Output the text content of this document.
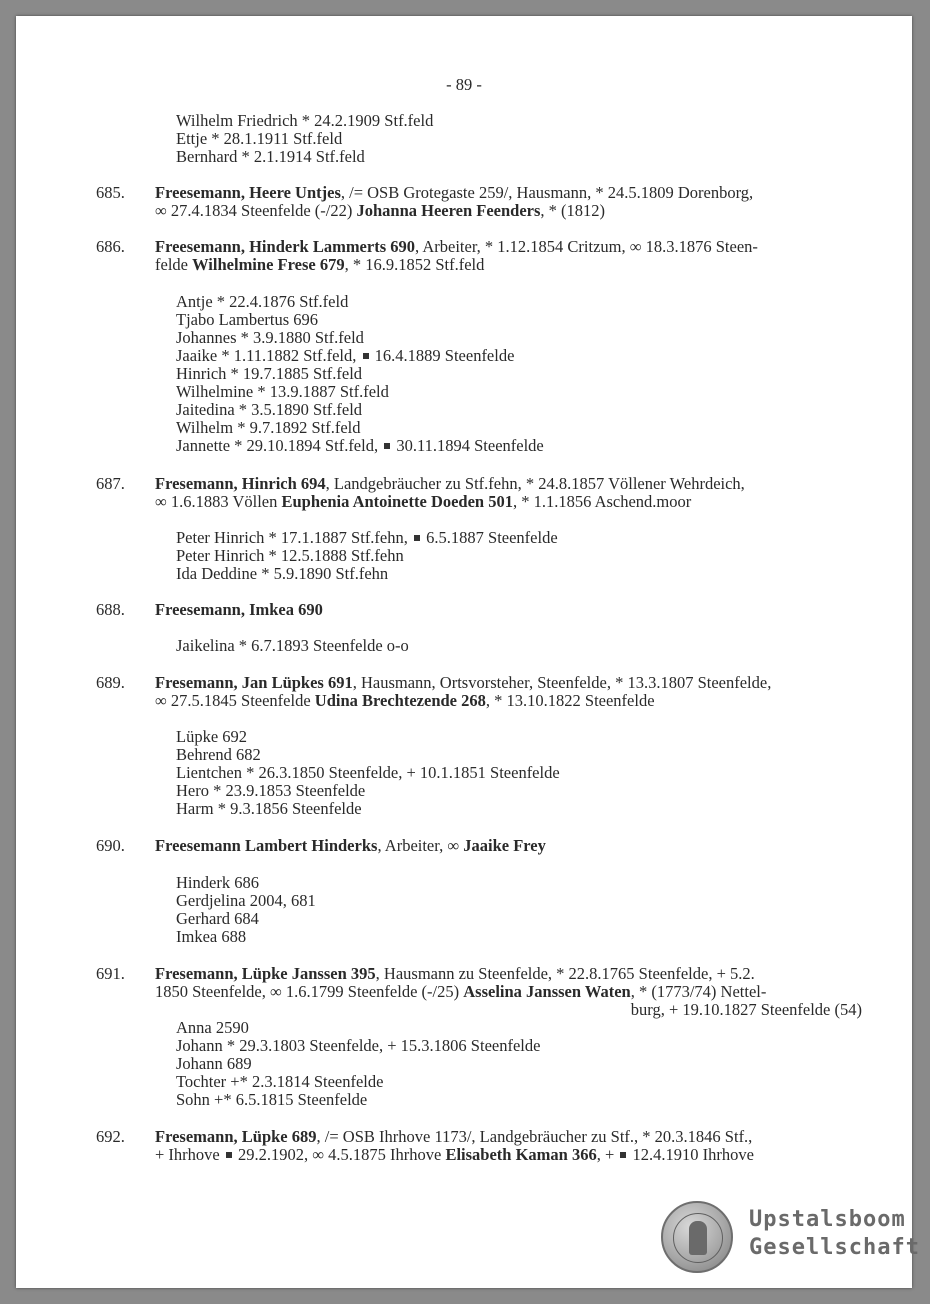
- 89 -
Wilhelm Friedrich * 24.2.1909 Stf.feld
Ettje * 28.1.1911 Stf.feld
Bernhard * 2.1.1914 Stf.feld
685. Freesemann, Heere Untjes, /= OSB Grotegaste 259/, Hausmann, * 24.5.1809 Dorenborg,
∞ 27.4.1834 Steenfelde (-/22) Johanna Heeren Feenders, * (1812)
686. Freesemann, Hinderk Lammerts 690, Arbeiter, * 1.12.1854 Critzum, ∞ 18.3.1876 Steen-
felde Wilhelmine Frese 679, * 16.9.1852 Stf.feld
Antje * 22.4.1876 Stf.feld
Tjabo Lambertus 696
Johannes * 3.9.1880 Stf.feld
Jaaike * 1.11.1882 Stf.feld, 16.4.1889 Steenfelde
Hinrich * 19.7.1885 Stf.feld
Wilhelmine * 13.9.1887 Stf.feld
Jaitedina * 3.5.1890 Stf.feld
Wilhelm * 9.7.1892 Stf.feld
Jannette * 29.10.1894 Stf.feld, 30.11.1894 Steenfelde
687. Fresemann, Hinrich 694, Landgebräucher zu Stf.fehn, * 24.8.1857 Völlener Wehrdeich,
∞ 1.6.1883 Völlen Euphenia Antoinette Doeden 501, * 1.1.1856 Aschend.moor
Peter Hinrich * 17.1.1887 Stf.fehn, 6.5.1887 Steenfelde
Peter Hinrich * 12.5.1888 Stf.fehn
Ida Deddine * 5.9.1890 Stf.fehn
688. Freesemann, Imkea 690
Jaikelina * 6.7.1893 Steenfelde o-o
689. Fresemann, Jan Lüpkes 691, Hausmann, Ortsvorsteher, Steenfelde, * 13.3.1807 Steenfelde,
∞ 27.5.1845 Steenfelde Udina Brechtezende 268, * 13.10.1822 Steenfelde
Lüpke 692
Behrend 682
Lientchen * 26.3.1850 Steenfelde, + 10.1.1851 Steenfelde
Hero * 23.9.1853 Steenfelde
Harm * 9.3.1856 Steenfelde
690. Freesemann Lambert Hinderks, Arbeiter, ∞ Jaaike Frey
Hinderk 686
Gerdjelina 2004, 681
Gerhard 684
Imkea 688
691. Fresemann, Lüpke Janssen 395, Hausmann zu Steenfelde, * 22.8.1765 Steenfelde, + 5.2.
1850 Steenfelde, ∞ 1.6.1799 Steenfelde (-/25) Asselina Janssen Waten, * (1773/74) Nettel-
burg, + 19.10.1827 Steenfelde (54)
Anna 2590
Johann * 29.3.1803 Steenfelde, + 15.3.1806 Steenfelde
Johann 689
Tochter +* 2.3.1814 Steenfelde
Sohn +* 6.5.1815 Steenfelde
692. Fresemann, Lüpke 689, /= OSB Ihrhove 1173/, Landgebräucher zu Stf., * 20.3.1846 Stf.,
+ Ihrhove 29.2.1902, ∞ 4.5.1875 Ihrhove Elisabeth Kaman 366, + 12.4.1910 Ihrhove
Upstalsboom
Gesellschaft
